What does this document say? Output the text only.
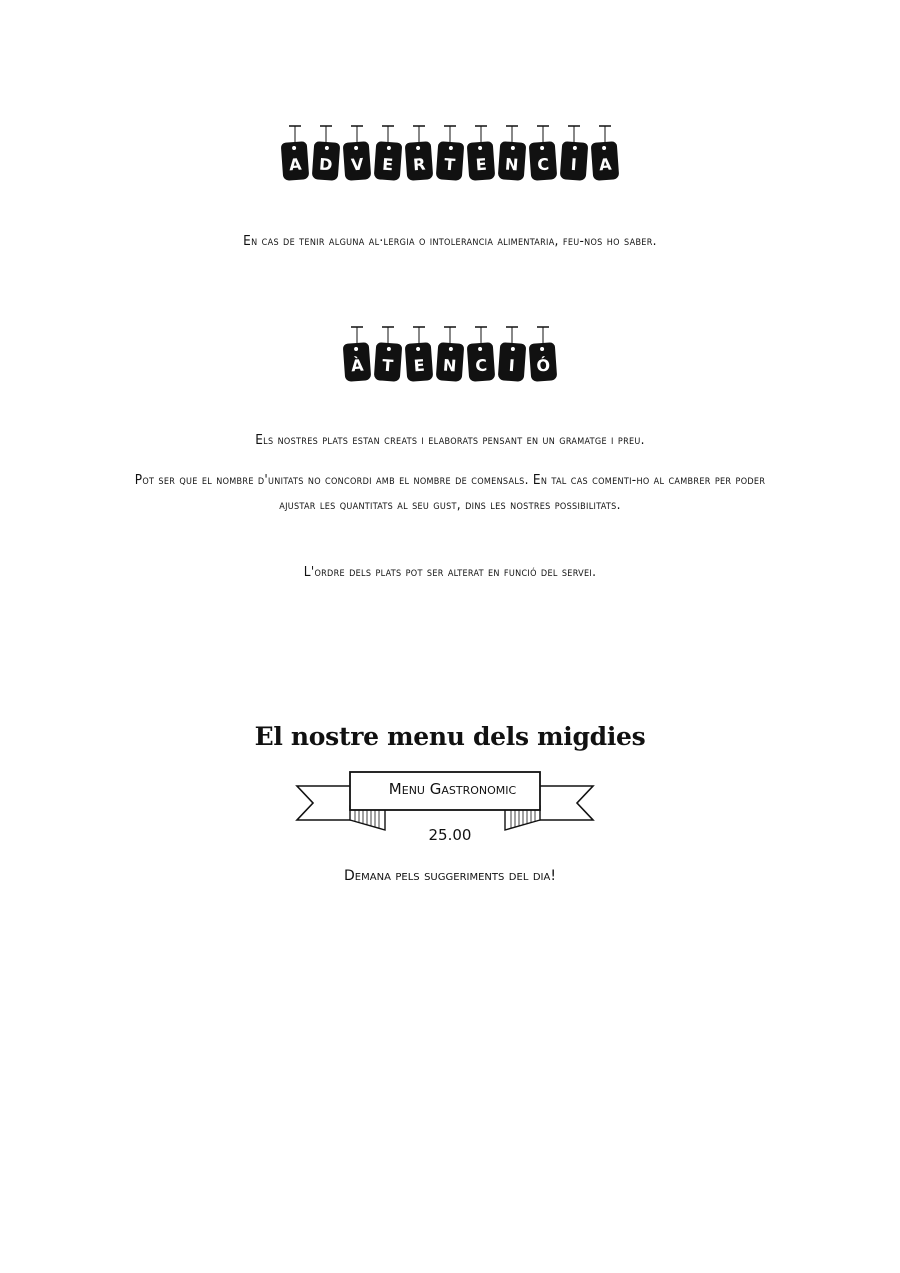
A D V E R T E N C I A
En cas de tenir alguna al·lergia o intolerancia alimentaria, feu-nos ho saber.
À T E N C I Ó
Els nostres plats estan creats i elaborats pensant en un gramatge i preu.
Pot ser que el nombre d'unitats no concordi amb el nombre de comensals. En tal cas comenti-ho al cambrer per poder ajustar les quantitats al seu gust, dins les nostres possibilitats.
L'ordre dels plats pot ser alterat en funció del servei.
El nostre menu dels migdies
Menu Gastronomic
25.00
Demana pels suggeriments del dia!
